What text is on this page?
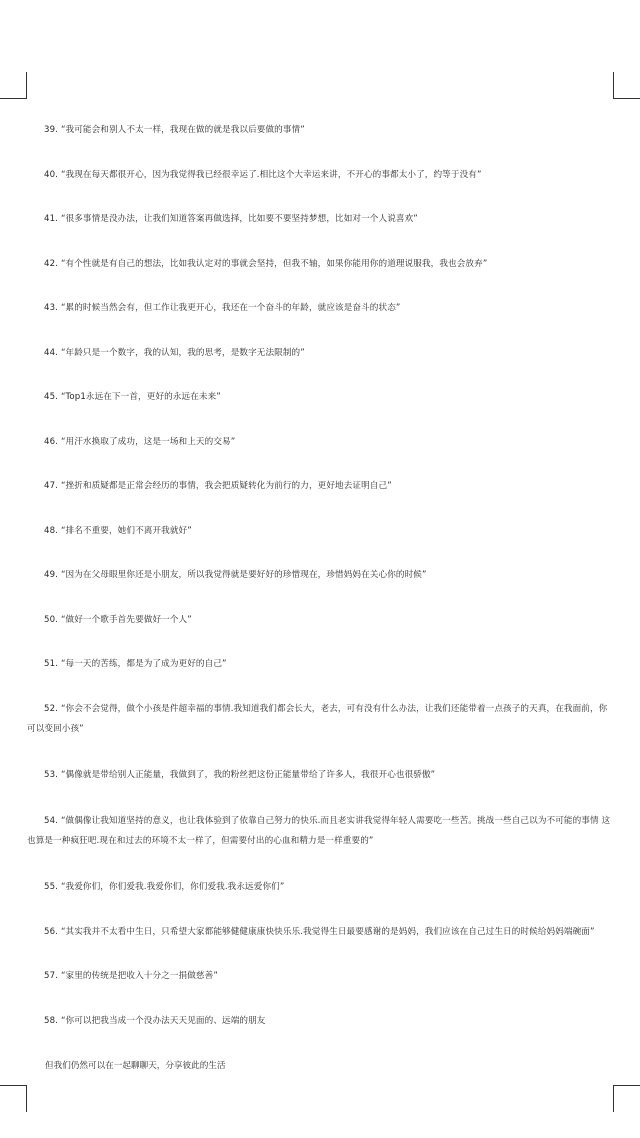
39. “我可能会和别人不太一样，我现在做的就是我以后要做的事情”
40. “我现在每天都很开心，因为我觉得我已经很幸运了.相比这个大幸运来讲，不开心的事都太小了，约等于没有”
41. “很多事情是没办法，让我们知道答案再做选择，比如要不要坚持梦想，比如对一个人说喜欢”
42. “有个性就是有自己的想法，比如我认定对的事就会坚持，但我不轴，如果你能用你的道理说服我，我也会放弃”
43. “累的时候当然会有，但工作让我更开心，我还在一个奋斗的年龄，就应该是奋斗的状态”
44. “年龄只是一个数字，我的认知，我的思考，是数字无法限制的”
45. “Top1永远在下一首，更好的永远在未来”
46. “用汗水换取了成功，这是一场和上天的交易”
47. “挫折和质疑都是正常会经历的事情，我会把质疑转化为前行的力，更好地去证明自己”
48. “排名不重要，她们不离开我就好”
49. “因为在父母眼里你还是小朋友，所以我觉得就是要好好的珍惜现在，珍惜妈妈在关心你的时候”
50. “做好一个歌手首先要做好一个人”
51. “每一天的苦练，都是为了成为更好的自己”
52. “你会不会觉得，做个小孩是件超幸福的事情.我知道我们都会长大，老去，可有没有什么办法，让我们还能带着一点孩子的天真，在我面前，你可以变回小孩”
53. “偶像就是带给别人正能量，我做到了，我的粉丝把这份正能量带给了许多人，我很开心也很骄傲”
54. “做偶像让我知道坚持的意义，也让我体验到了依靠自己努力的快乐.而且老实讲我觉得年轻人需要吃一些苦。挑战一些自己以为不可能的事情 这也算是一种疯狂吧.现在和过去的环境不太一样了，但需要付出的心血和精力是一样重要的”
55. “我爱你们，你们爱我.我爱你们，你们爱我.我永远爱你们”
56. “其实我并不太看中生日，只希望大家都能够健健康康快快乐乐.我觉得生日最要感谢的是妈妈，我们应该在自己过生日的时候给妈妈端碗面”
57. “家里的传统是把收入十分之一捐做慈善”
58. “你可以把我当成一个没办法天天见面的、远端的朋友
但我们仍然可以在一起聊聊天，分享彼此的生活
